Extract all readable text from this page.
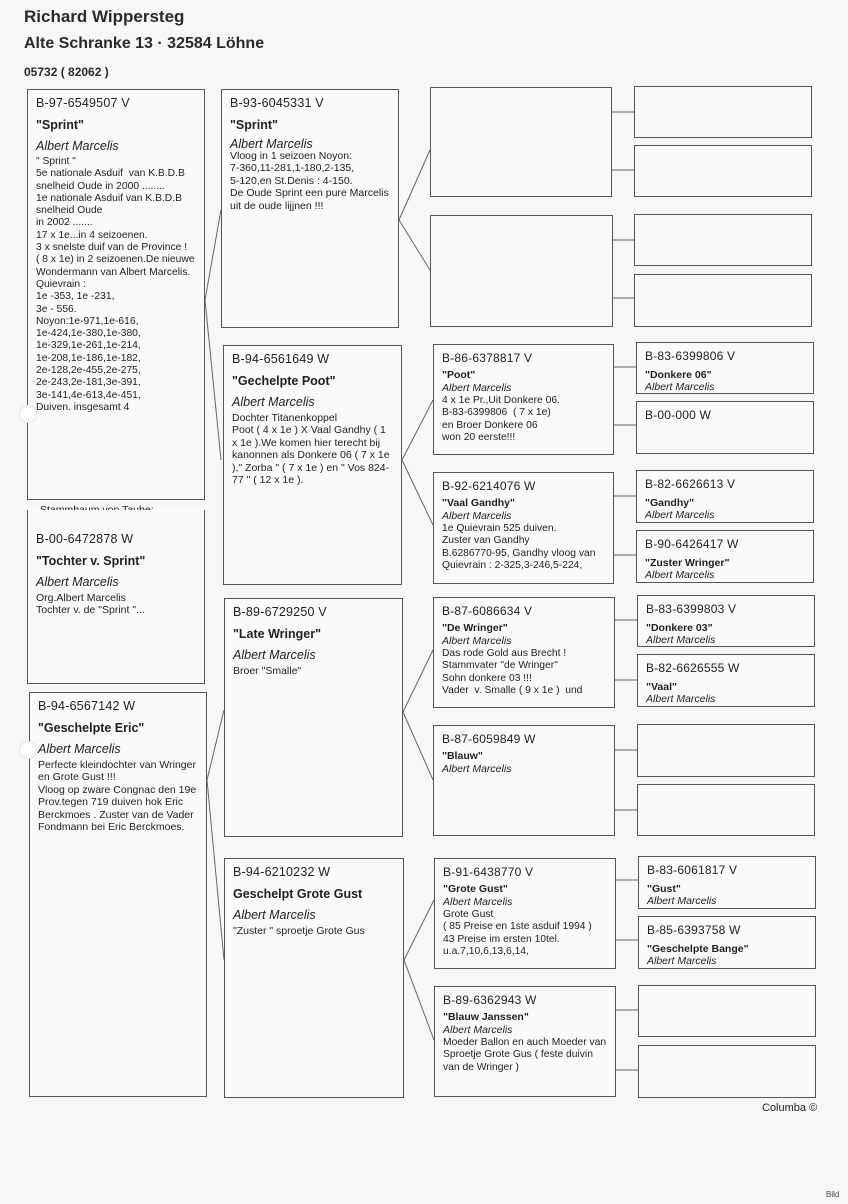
Richard Wippersteg
Alte Schranke 13 · 32584 Löhne
05732 ( 82062 )
B-97-6549507 V
"Sprint"
Albert Marcelis
" Sprint "
5e nationale Asduif  van K.B.D.B snelheid Oude in 2000 ........
1e nationale Asduif van K.B.D.B snelheid Oude
in 2002 .......
17 x 1e...in 4 seizoenen.
3 x snelste duif van de Province !
( 8 x 1e) in 2 seizoenen.De nieuwe
Wondermann van Albert Marcelis.  Quievrain :
1e -353, 1e -231,
3e - 556.
Noyon:1e-971,1e-616,
1e-424,1e-380,1e-380,
1e-329,1e-261,1e-214,
1e-208,1e-186,1e-182,
2e-128,2e-455,2e-275,
2e-243,2e-181,3e-391,
3e-141,4e-613,4e-451,
Duiven. insgesamt 4
B-00-6472878 W
"Tochter v. Sprint"
Albert Marcelis
Org.Albert Marcelis
Tochter v. de "Sprint "...
B-94-6567142 W
"Geschelpte Eric"
Albert Marcelis
Perfecte kleindochter van Wringer en Grote Gust !!!
Vloog op zware Congnac den 19e Prov.tegen 719 duiven hok Eric Berckmoes . Zuster van de Vader Fondmann bei Eric Berckmoes.
B-93-6045331 V
"Sprint"
Albert Marcelis
Vloog in 1 seizoen Noyon:
7-360,11-281,1-180,2-135,
5-120,en St.Denis : 4-150.
De Oude Sprint een pure Marcelis uit de oude lijjnen !!!
B-94-6561649 W
"Gechelpte Poot"
Albert Marcelis
Dochter Titanenkoppel
Poot ( 4 x 1e ) X Vaal Gandhy ( 1 x 1e ).We komen hier terecht bij kanonnen als Donkere 06 ( 7 x 1e )," Zorba " ( 7 x 1e ) en " Vos 824-77 " ( 12 x 1e ).
B-89-6729250 V
"Late Wringer"
Albert Marcelis
Broer "Smalle"
B-94-6210232 W
Geschelpt Grote Gust
Albert Marcelis
"Zuster " sproetje Grote Gus
B-86-6378817 V
"Poot"
Albert Marcelis
4 x 1e Pr.,Uit Donkere 06.
B-83-6399806  ( 7 x 1e)
en Broer Donkere 06
won 20 eerste!!!
B-92-6214076 W
"Vaal Gandhy"
Albert Marcelis
1e Quievrain 525 duiven.
Zuster van Gandhy
B.6286770-95, Gandhy vloog van Quievrain : 2-325,3-246,5-224,
B-87-6086634 V
"De Wringer"
Albert Marcelis
Das rode Gold aus Brecht !
Stammvater "de Wringer"
Sohn donkere 03 !!!
Vader  v. Smalle ( 9 x 1e )  und
B-87-6059849 W
"Blauw"
Albert Marcelis
B-91-6438770 V
"Grote Gust"
Albert Marcelis
Grote Gust
( 85 Preise en 1ste asduif 1994 )
43 Preise im ersten 10tel.
u.a.7,10,6,13,6,14,
B-89-6362943 W
"Blauw Janssen"
Albert Marcelis
Moeder Ballon en auch Moeder van Sproetje Grote Gus ( feste duivin van de Wringer )
B-83-6399806 V
"Donkere 06"
Albert Marcelis
B-00-000 W
B-82-6626613 V
"Gandhy"
Albert Marcelis
B-90-6426417 W
"Zuster Wringer"
Albert Marcelis
B-83-6399803 V
"Donkere 03"
Albert Marcelis
B-82-6626555 W
"Vaal"
Albert Marcelis
B-83-6061817 V
"Gust"
Albert Marcelis
B-85-6393758 W
"Geschelpte Bange"
Albert Marcelis
Columba ©
Bild
